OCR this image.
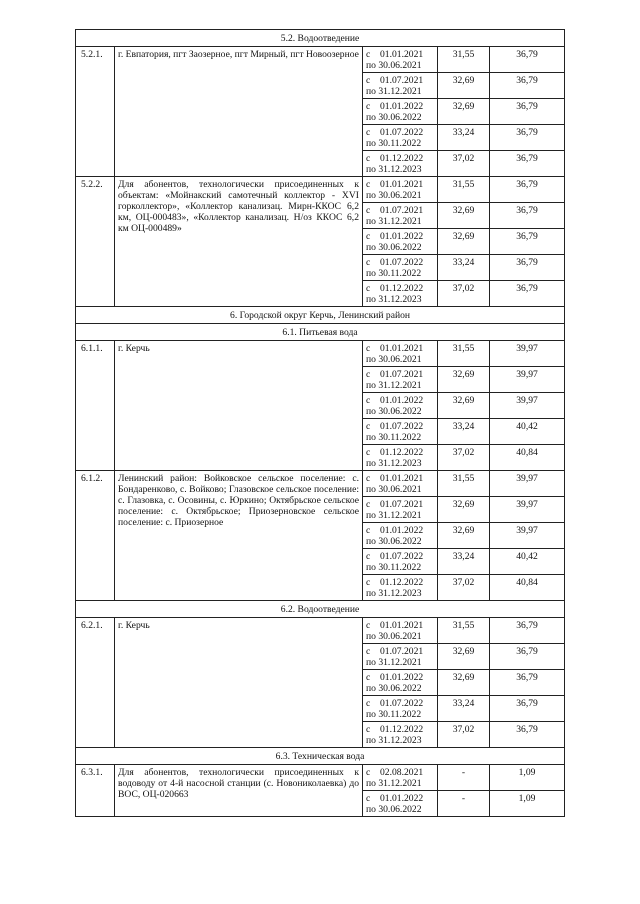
5.2. Водоотведение				
5.2.1.	г. Евпатория, пгт Заозерное, пгт Мирный, пгт Новоозерное	с 01.01.2021
по 30.06.2021	31,55	36,79

		с 01.07.2021
по 31.12.2021	32,69	36,79

		с 01.01.2022
по 30.06.2022	32,69	36,79

		с 01.07.2022
по 30.11.2022	33,24	36,79

		с 01.12.2022
по 31.12.2023	37,02	36,79
5.2.2.	Для абонентов, технологически присоединенных к объектам: «Мойнакский самотечный коллектор - XVI горколлектор», «Коллектор канализац. Мирн-ККОС 6,2 км, ОЦ-000483», «Коллектор канализац. Н/оз ККОС 6,2 км ОЦ-000489»	с 01.01.2021
по 30.06.2021	31,55	36,79

		с 01.07.2021
по 31.12.2021	32,69	36,79

		с 01.01.2022
по 30.06.2022	32,69	36,79

		с 01.07.2022
по 30.11.2022	33,24	36,79

		с 01.12.2022
по 31.12.2023	37,02	36,79
6. Городской округ Керчь, Ленинский район				
6.1. Питьевая вода				
6.1.1.	г. Керчь	с 01.01.2021
по 30.06.2021	31,55	39,97

		с 01.07.2021
по 31.12.2021	32,69	39,97

		с 01.01.2022
по 30.06.2022	32,69	39,97

		с 01.07.2022
по 30.11.2022	33,24	40,42

		с 01.12.2022
по 31.12.2023	37,02	40,84
6.1.2.	Ленинский район: Войковское сельское поселение: с. Бондаренково, с. Войково; Глазовское сельское поселение: с. Глазовка, с. Осовины, с. Юркино; Октябрьское сельское поселение: с. Октябрьское; Приозерновское сельское поселение: с. Приозерное	с 01.01.2021
по 30.06.2021	31,55	39,97

		с 01.07.2021
по 31.12.2021	32,69	39,97

		с 01.01.2022
по 30.06.2022	32,69	39,97

		с 01.07.2022
по 30.11.2022	33,24	40,42

		с 01.12.2022
по 31.12.2023	37,02	40,84
6.2. Водоотведение				
6.2.1.	г. Керчь	с 01.01.2021
по 30.06.2021	31,55	36,79

		с 01.07.2021
по 31.12.2021	32,69	36,79

		с 01.01.2022
по 30.06.2022	32,69	36,79

		с 01.07.2022
по 30.11.2022	33,24	36,79

		с 01.12.2022
по 31.12.2023	37,02	36,79
6.3. Техническая вода				
6.3.1.	Для абонентов, технологически присоединенных к водоводу от 4-й насосной станции (с. Новониколаевка) до ВОС, ОЦ-020663	с 02.08.2021
по 31.12.2021	-	1,09

		с 01.01.2022
по 30.06.2022	-	1,09
